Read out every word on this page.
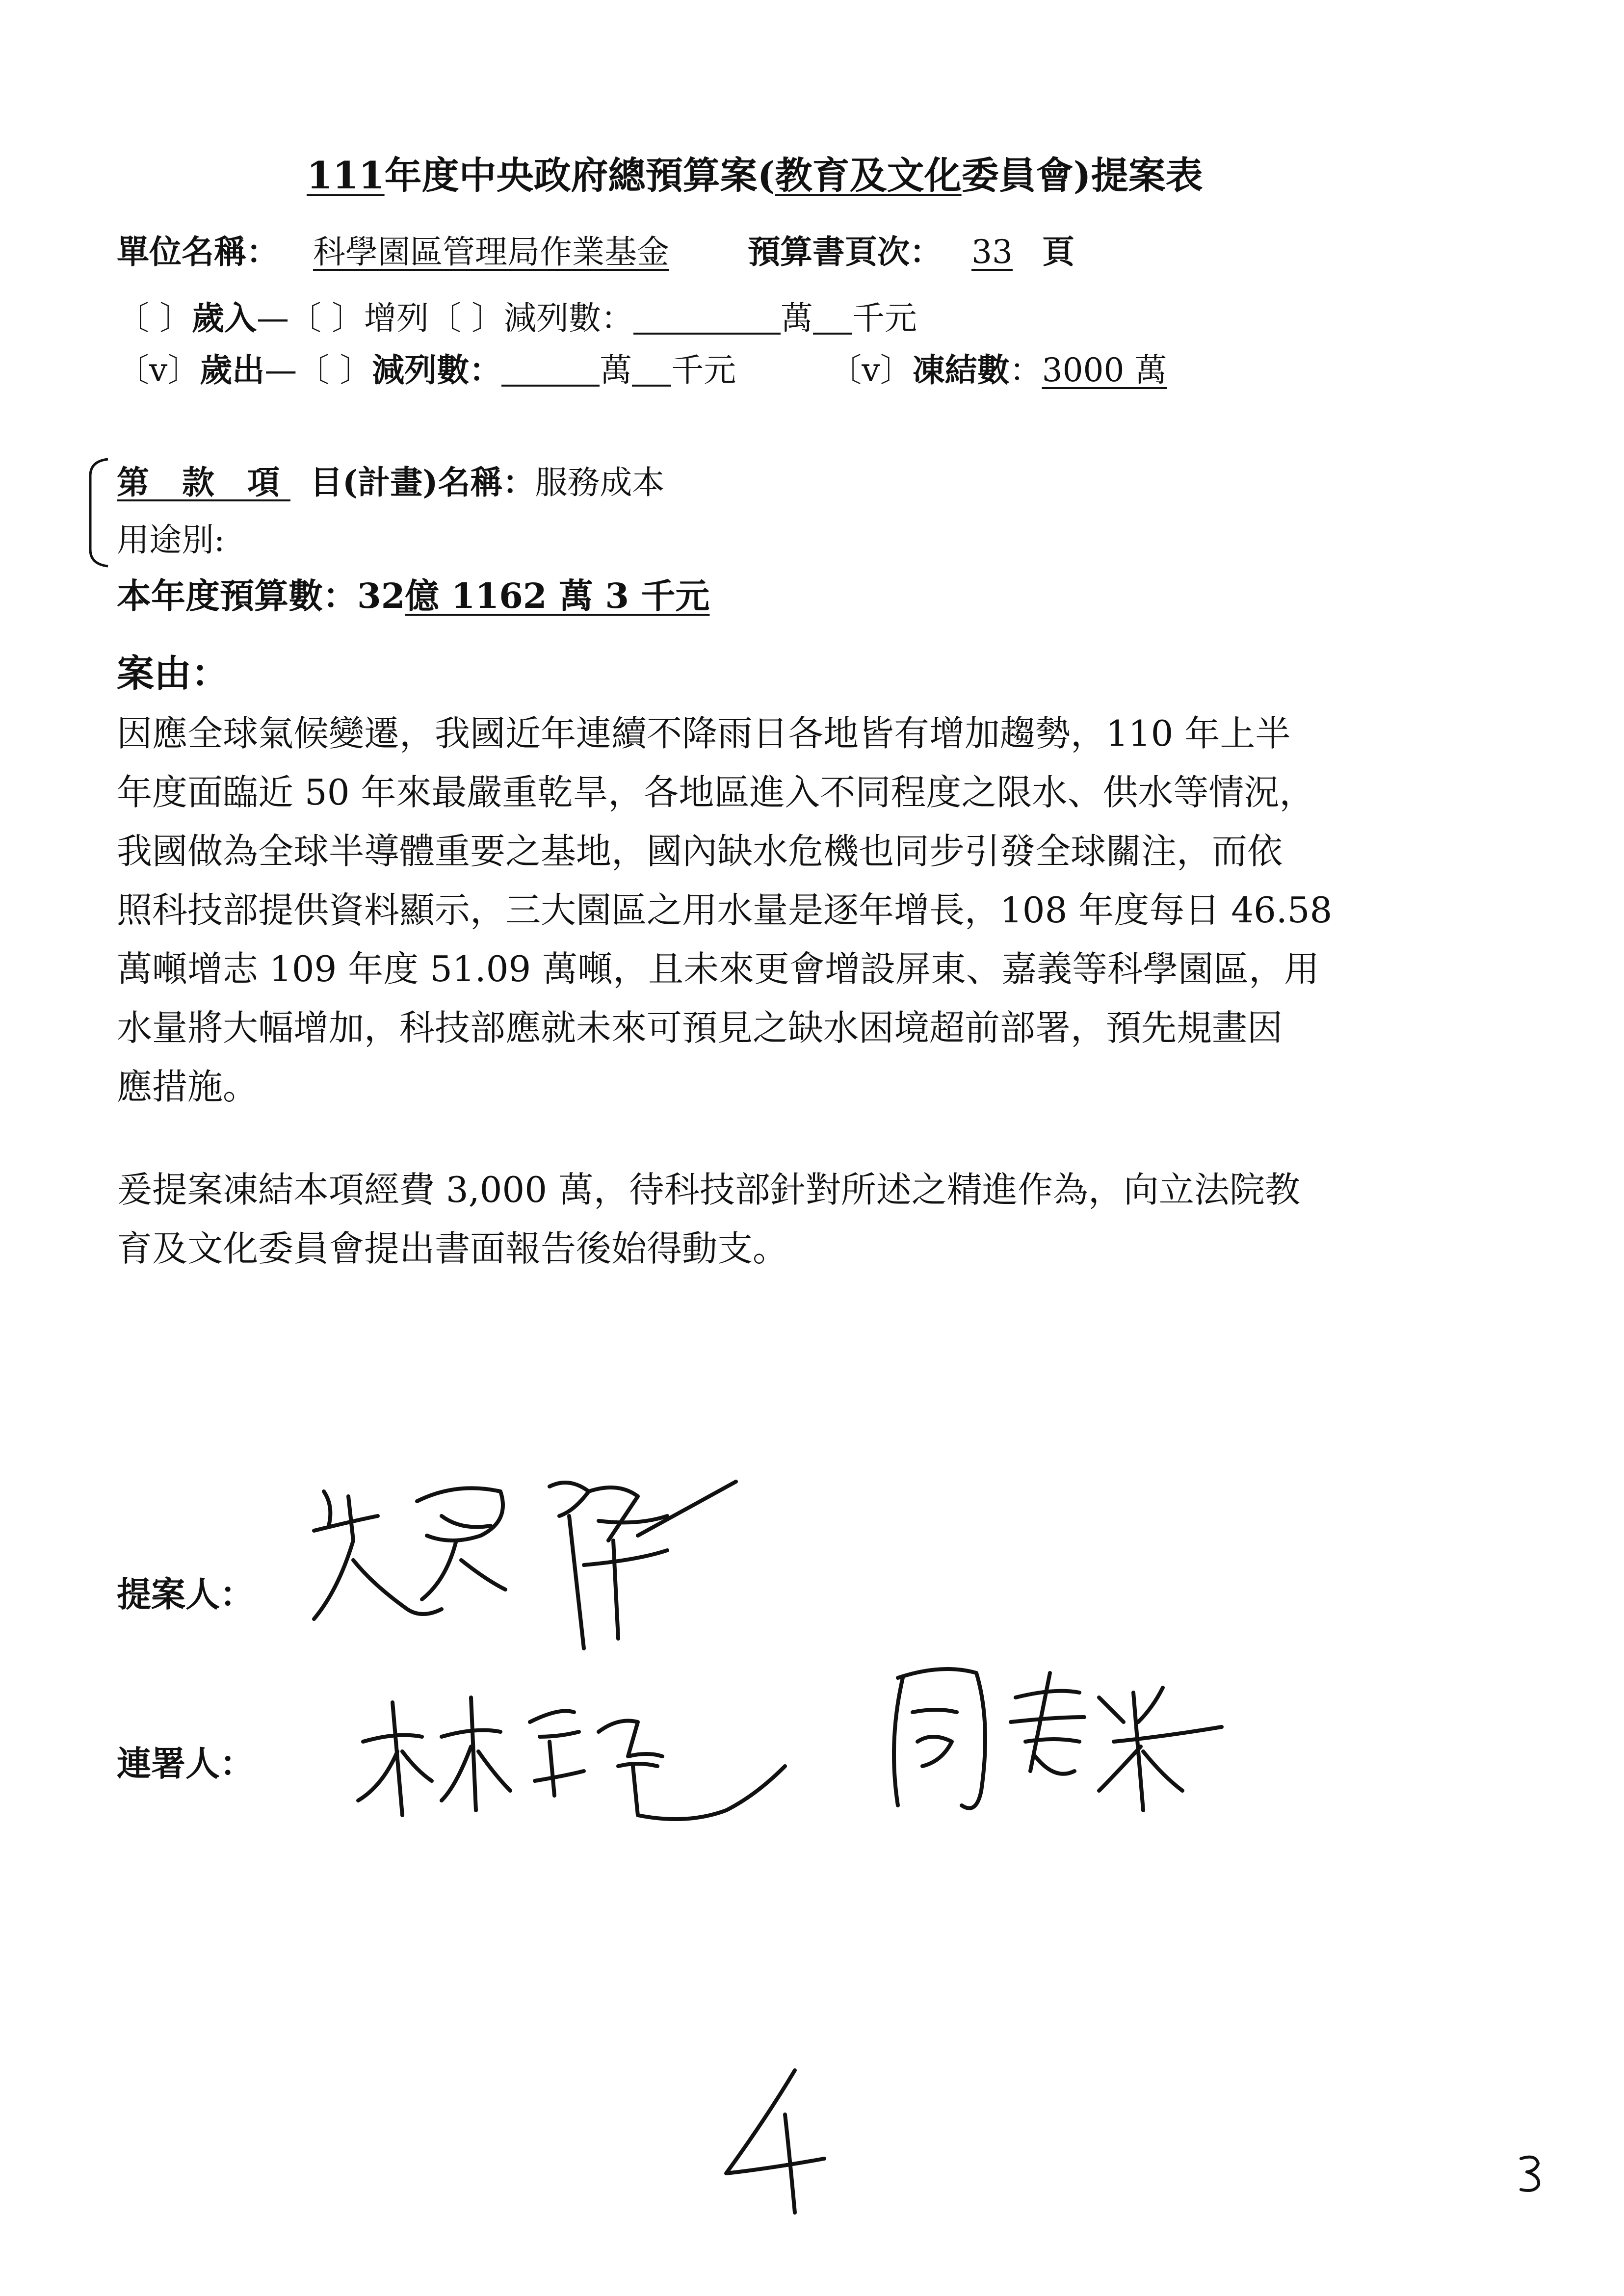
111年度中央政府總預算案(教育及文化委員會)提案表
單位名稱： 科學園區管理局作業基金 預算書頁次： 33 頁
〔 〕歲入—〔 〕增列〔 〕減列數：	萬 千元
〔v〕歲出—〔 〕減列數：	萬 千元	〔v〕凍結數：3000 萬
第 款 項 目(計畫)名稱：服務成本
用途別:
本年度預算數：32億 1162 萬 3 千元
案由：
因應全球氣候變遷，我國近年連續不降雨日各地皆有增加趨勢，110 年上半
年度面臨近 50 年來最嚴重乾旱，各地區進入不同程度之限水、供水等情況，
我國做為全球半導體重要之基地，國內缺水危機也同步引發全球關注，而依
照科技部提供資料顯示，三大園區之用水量是逐年增長，108 年度每日 46.58
萬噸增志 109 年度 51.09 萬噸，且未來更會增設屏東、嘉義等科學園區，用
水量將大幅增加，科技部應就未來可預見之缺水困境超前部署，預先規畫因
應措施。
爰提案凍結本項經費 3,000 萬，待科技部針對所述之精進作為，向立法院教
育及文化委員會提出書面報告後始得動支。
提案人：
連署人：
